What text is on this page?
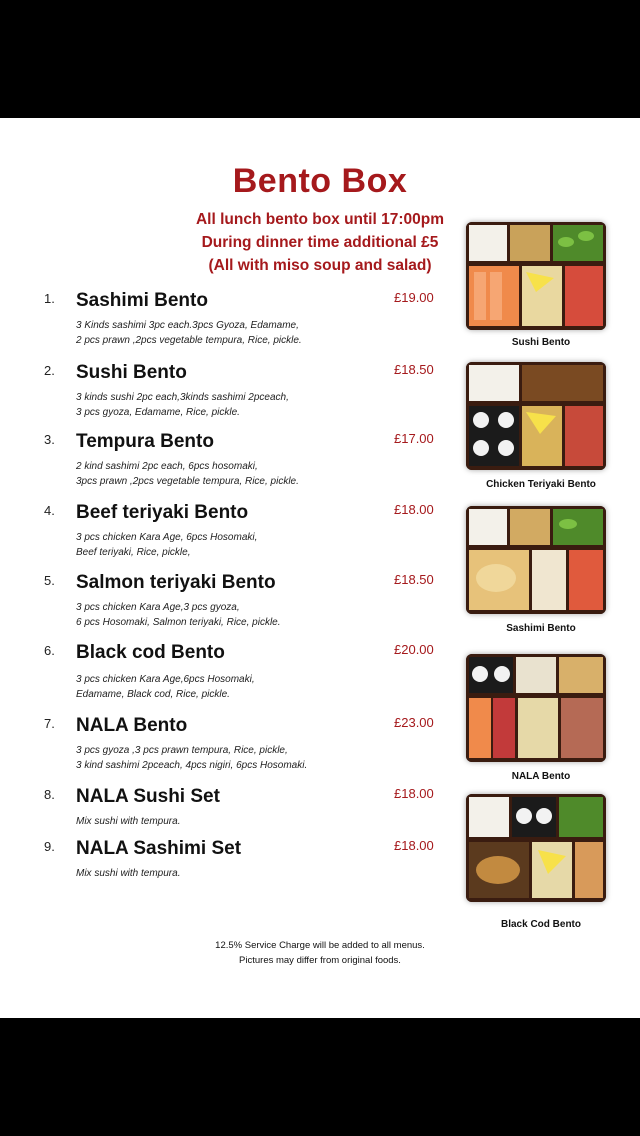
Bento Box
All lunch bento box until 17:00pm
During dinner time additional £5
(All with miso soup and salad)
1. Sashimi Bento	£19.00
3 Kinds sashimi 3pc each.3pcs Gyoza, Edamame,
2 pcs prawn ,2pcs vegetable tempura, Rice, pickle.
2. Sushi Bento	£18.50
3 kinds sushi 2pc each,3kinds sashimi 2pceach,
3 pcs gyoza, Edamame, Rice, pickle.
3. Tempura Bento	£17.00
2 kind sashimi 2pc each, 6pcs hosomaki,
3pcs prawn ,2pcs vegetable tempura, Rice, pickle.
4. Beef teriyaki Bento	£18.00
3 pcs chicken Kara Age, 6pcs Hosomaki,
Beef teriyaki, Rice, pickle,
5. Salmon teriyaki Bento	£18.50
3 pcs chicken Kara Age,3 pcs gyoza,
6 pcs Hosomaki, Salmon teriyaki, Rice, pickle.
6. Black cod Bento	£20.00
3 pcs chicken Kara Age,6pcs Hosomaki,
Edamame, Black cod, Rice, pickle.
7. NALA Bento	£23.00
3 pcs gyoza ,3 pcs prawn tempura, Rice, pickle,
3 kind sashimi 2pceach, 4pcs nigiri, 6pcs Hosomaki.
8. NALA Sushi Set	£18.00
Mix sushi with tempura.
9. NALA Sashimi Set	£18.00
Mix sushi with tempura.
Sushi Bento
Chicken Teriyaki Bento
Sashimi Bento
NALA Bento
Black Cod Bento
12.5% Service Charge will be added to all menus.
Pictures may differ from original foods.
